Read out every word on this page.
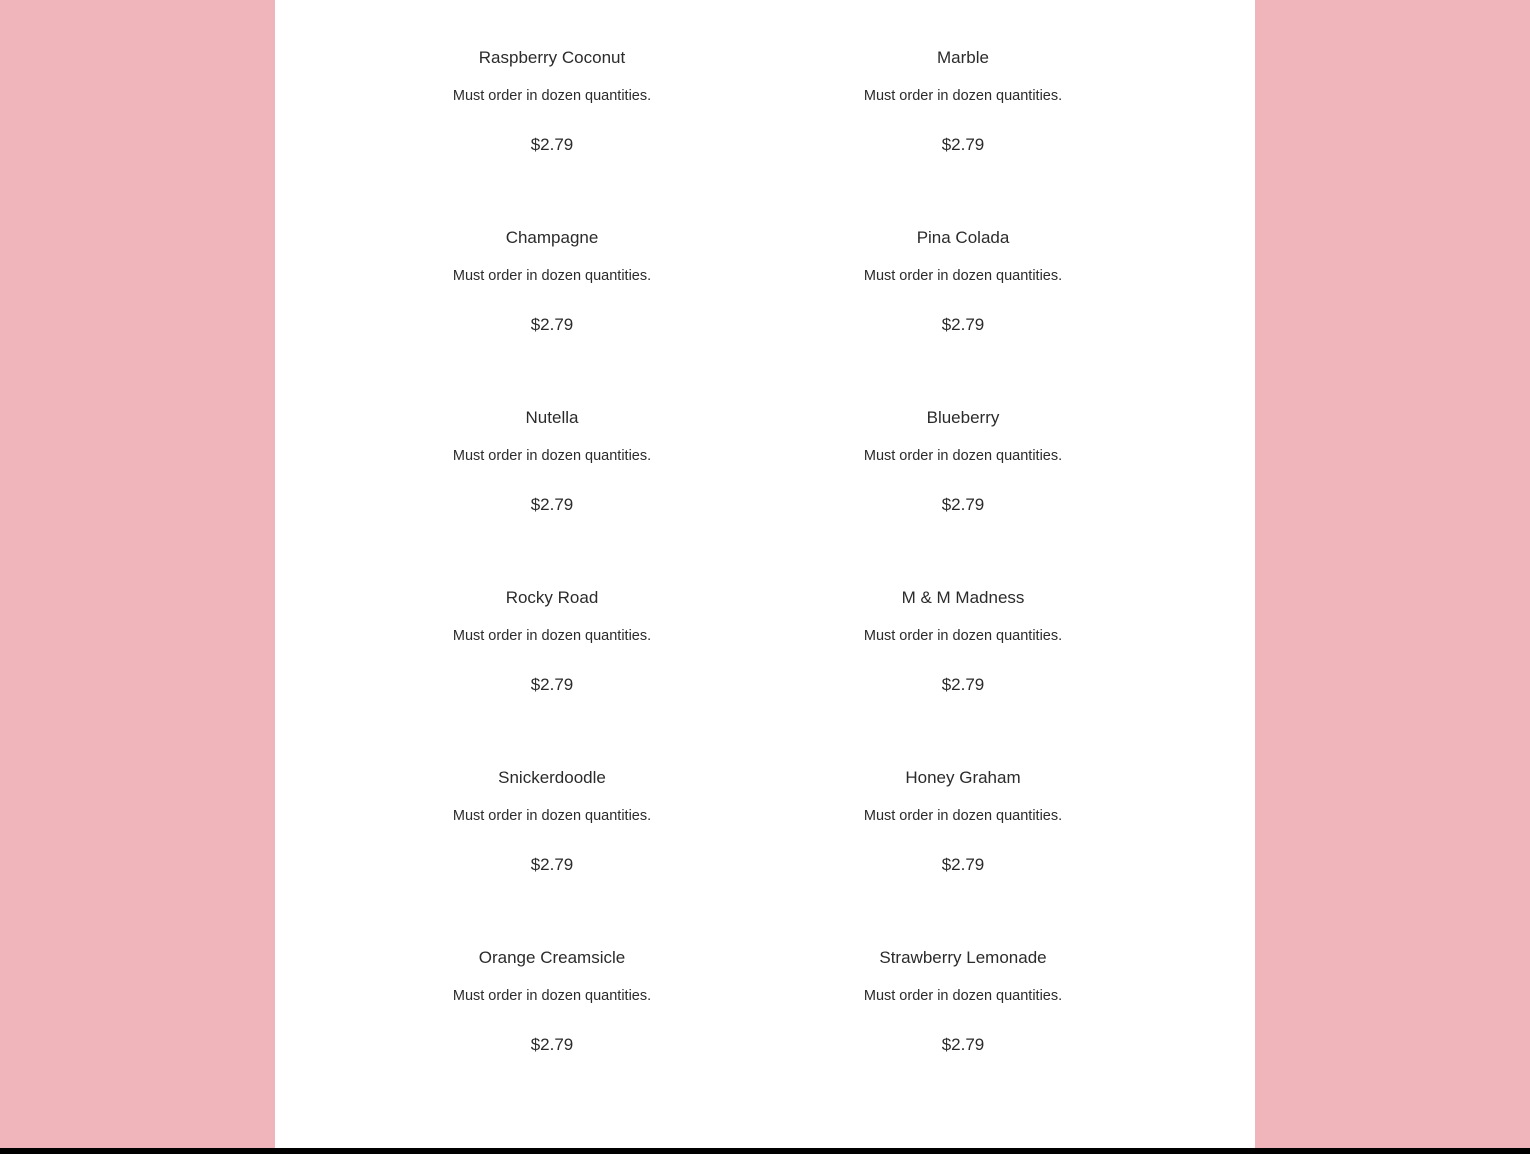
Raspberry Coconut
Must order in dozen quantities.
$2.79
Marble
Must order in dozen quantities.
$2.79
Champagne
Must order in dozen quantities.
$2.79
Pina Colada
Must order in dozen quantities.
$2.79
Nutella
Must order in dozen quantities.
$2.79
Blueberry
Must order in dozen quantities.
$2.79
Rocky Road
Must order in dozen quantities.
$2.79
M & M Madness
Must order in dozen quantities.
$2.79
Snickerdoodle
Must order in dozen quantities.
$2.79
Honey Graham
Must order in dozen quantities.
$2.79
Orange Creamsicle
Must order in dozen quantities.
$2.79
Strawberry Lemonade
Must order in dozen quantities.
$2.79
